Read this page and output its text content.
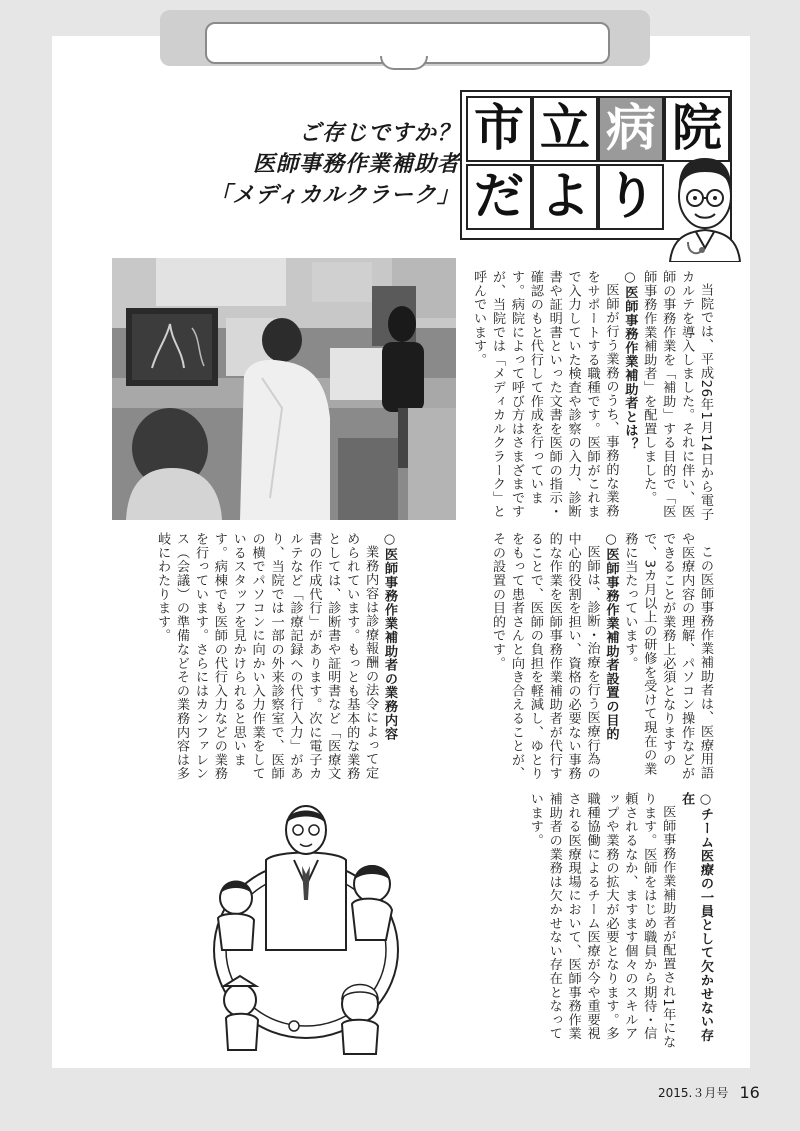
ご存じですか？
医師事務作業補助者
「メディカルクラーク」
市 立 病 院
だ よ り

当院では、平成26年1月14日から電子カルテを導入しました。それに伴い、医師の事務作業を「補助」する目的で「医師事務作業補助者」を配置しました。

○医師事務作業補助者とは？

医師が行う業務のうち、事務的な業務をサポートする職種です。医師がこれまで入力していた検査や診察の入力、診断書や証明書といった文書を医師の指示・確認のもと代行して作成を行っています。病院によって呼び方はさまざまですが、当院では「メディカルクラーク」と呼んでいます。

この医師事務作業補助者は、医療用語や医療内容の理解、パソコン操作などができることが業務上必須となりますので、3カ月以上の研修を受けて現在の業務に当たっています。

○医師事務作業補助者設置の目的

医師は、診断・治療を行う医療行為の中心的役割を担い、資格の必要ない事務的な作業を医師事務作業補助者が代行することで、医師の負担を軽減し、ゆとりをもって患者さんと向き合えることが、その設置の目的です。

○医師事務作業補助者の業務内容

業務内容は診療報酬の法令によって定められています。もっとも基本的な業務としては、診断書や証明書など「医療文書の作成代行」があります。次に電子カルテなど「診療記録への代行入力」があり、当院では一部の外来診察室で、医師の横でパソコンに向かい入力作業をしているスタッフを見かけられると思います。病棟でも医師の代行入力などの業務を行っています。さらにはカンファレンス（会議）の準備などその業務内容は多岐にわたります。

○チーム医療の一員として欠かせない存在

医師事務作業補助者が配置され1年になります。医師をはじめ職員から期待・信頼されるなか、ますます個々のスキルアップや業務の拡大が必要となります。多職種協働によるチーム医療が今や重要視される医療現場において、医師事務作業補助者の業務は欠かせない存在となっています。

2015.３月号 16
